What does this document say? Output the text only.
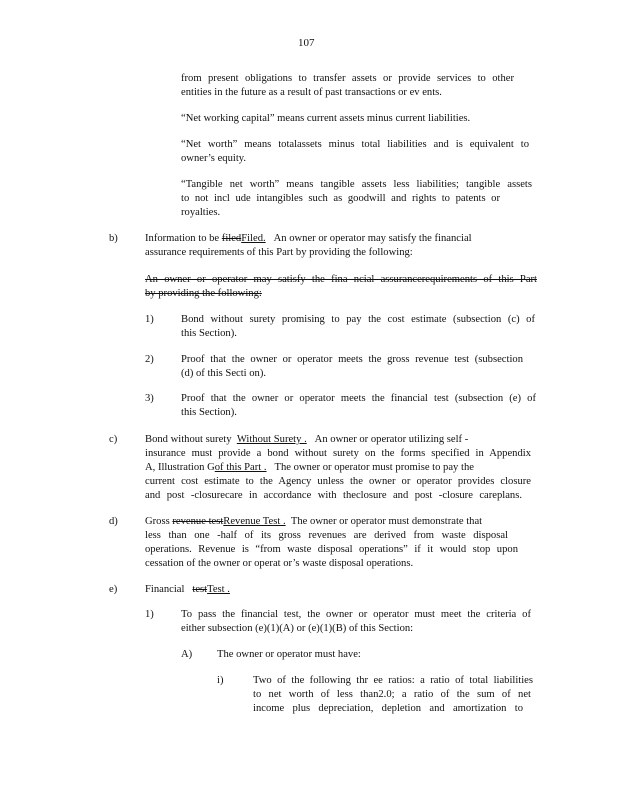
107
from present obligations to transfer assets or provide services to other
entities in the future as a result of past transactions or ev ents.
“Net working capital” means current assets minus current liabilities.
“Net worth” means totalassets minus total liabilities and is equivalent to
owner’s equity.
“Tangible net worth” means tangible assets less liabilities; tangible assets
to not incl ude intangibles such as goodwill and rights to patents or
royalties.
b)	Information to be filedFiled. An owner or operator may satisfy the financial
assurance requirements of this Part by providing the following:
An owner or operator may satisfy the fina ncial assurancerequirements of this Part
by providing the following:
1)	Bond without surety promising to pay the cost estimate (subsection (c) of
this Section).
2)	Proof that the owner or operator meets the gross revenue test (subsection
(d) of this Secti on).
3)	Proof that the owner or operator meets the financial test (subsection (e) of
this Section).
c)	Bond without surety Without Surety . An owner or operator utilizing self -
insurance must provide a bond without surety on the forms specified in Appendix
A, Illustration Gof this Part . The owner or operator must promise to pay the
current cost estimate to the Agency unless the owner or operator provides closure
and post -closurecare in accordance with theclosure and post -closure careplans.
d)	Gross revenue testRevenue Test . The owner or operator must demonstrate that
less than one -half of its gross revenues are derived from waste disposal
operations. Revenue is “from waste disposal operations” if it would stop upon
cessation of the owner or operat or’s waste disposal operations.
e)	Financial testTest .
1)	To pass the financial test, the owner or operator must meet the criteria of
either subsection (e)(1)(A) or (e)(1)(B) of this Section:
A) The owner or operator must have:
i)	Two of the following thr ee ratios: a ratio of total liabilities
to net worth of less than2.0; a ratio of the sum of net
income plus depreciation, depletion and amortization to
